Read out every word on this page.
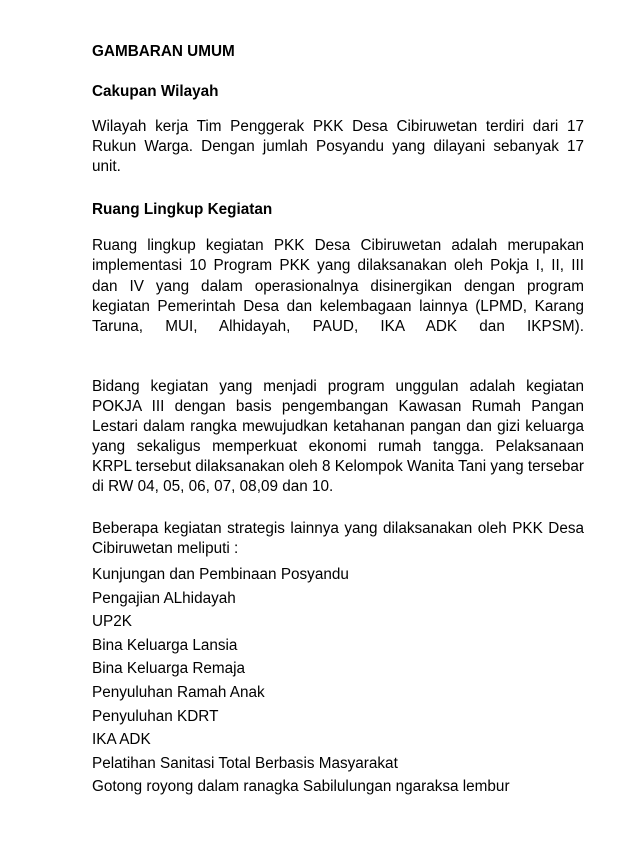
GAMBARAN UMUM
Cakupan Wilayah
Wilayah kerja Tim Penggerak PKK Desa Cibiruwetan terdiri dari 17 Rukun Warga. Dengan jumlah Posyandu yang dilayani sebanyak 17 unit.
Ruang Lingkup Kegiatan
Ruang lingkup kegiatan PKK Desa Cibiruwetan adalah merupakan implementasi 10 Program PKK yang dilaksanakan oleh Pokja I, II, III dan IV yang dalam operasionalnya disinergikan dengan program kegiatan Pemerintah Desa dan kelembagaan lainnya (LPMD, Karang Taruna, MUI, Alhidayah, PAUD, IKA ADK dan IKPSM).
Bidang kegiatan yang menjadi program unggulan adalah kegiatan POKJA III dengan basis pengembangan Kawasan Rumah Pangan Lestari dalam rangka mewujudkan ketahanan pangan dan gizi keluarga yang sekaligus memperkuat ekonomi rumah tangga. Pelaksanaan KRPL tersebut dilaksanakan oleh 8 Kelompok Wanita Tani yang tersebar di RW 04, 05, 06, 07, 08,09 dan 10.
Beberapa kegiatan strategis lainnya yang dilaksanakan oleh PKK Desa Cibiruwetan meliputi :
Kunjungan dan Pembinaan Posyandu
Pengajian ALhidayah
UP2K
Bina Keluarga Lansia
Bina Keluarga Remaja
Penyuluhan Ramah Anak
Penyuluhan KDRT
IKA ADK
Pelatihan Sanitasi Total Berbasis Masyarakat
Gotong royong dalam ranagka Sabilulungan ngaraksa lembur
